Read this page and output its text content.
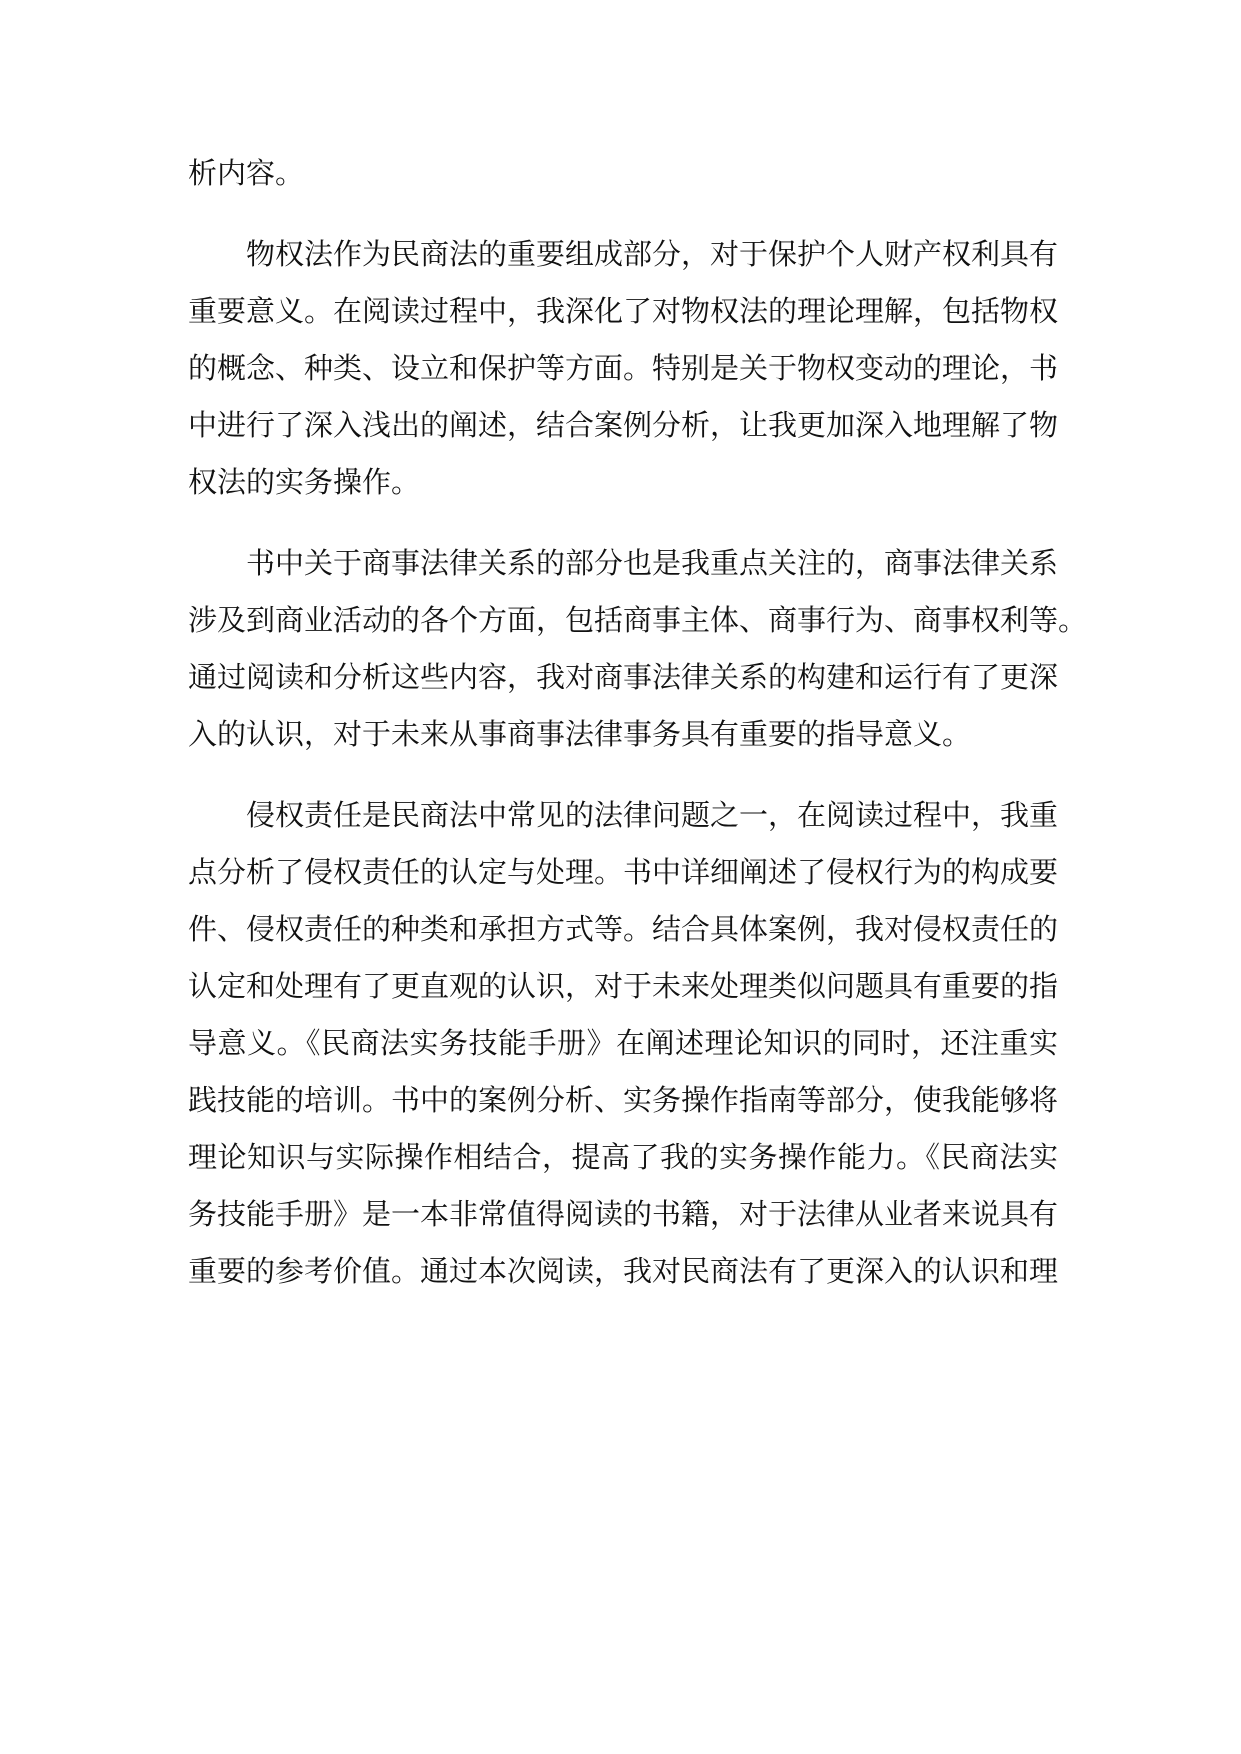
析内容。
物权法作为民商法的重要组成部分，对于保护个人财产权利具有
重要意义。在阅读过程中，我深化了对物权法的理论理解，包括物权
的概念、种类、设立和保护等方面。特别是关于物权变动的理论，书
中进行了深入浅出的阐述，结合案例分析，让我更加深入地理解了物
权法的实务操作。
书中关于商事法律关系的部分也是我重点关注的，商事法律关系
涉及到商业活动的各个方面，包括商事主体、商事行为、商事权利等。
通过阅读和分析这些内容，我对商事法律关系的构建和运行有了更深
入的认识，对于未来从事商事法律事务具有重要的指导意义。
侵权责任是民商法中常见的法律问题之一，在阅读过程中，我重
点分析了侵权责任的认定与处理。书中详细阐述了侵权行为的构成要
件、侵权责任的种类和承担方式等。结合具体案例，我对侵权责任的
认定和处理有了更直观的认识，对于未来处理类似问题具有重要的指
导意义。《民商法实务技能手册》在阐述理论知识的同时，还注重实
践技能的培训。书中的案例分析、实务操作指南等部分，使我能够将
理论知识与实际操作相结合，提高了我的实务操作能力。《民商法实
务技能手册》是一本非常值得阅读的书籍，对于法律从业者来说具有
重要的参考价值。通过本次阅读，我对民商法有了更深入的认识和理
